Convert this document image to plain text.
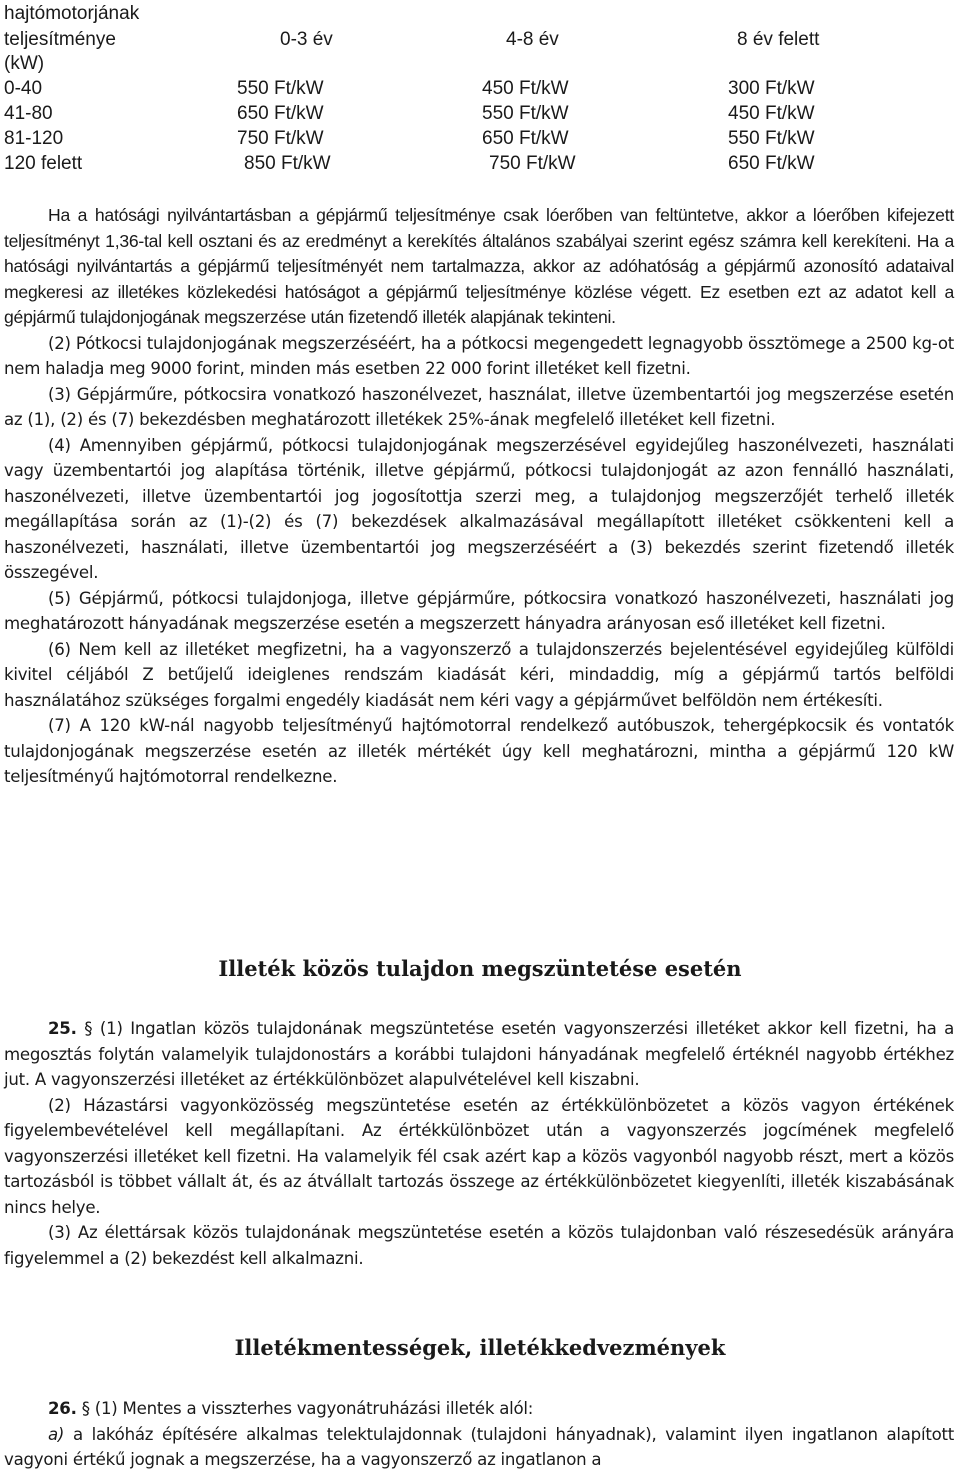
hajtómotorjának
teljesítménye	0-3 év	4-8 év	8 év felett
(kW)
0-40	550 Ft/kW	450 Ft/kW	300 Ft/kW
41-80	650 Ft/kW	550 Ft/kW	450 Ft/kW
81-120	750 Ft/kW	650 Ft/kW	550 Ft/kW
120 felett	850 Ft/kW	750 Ft/kW	650 Ft/kW

Ha a hatósági nyilvántartásban a gépjármű teljesítménye csak lóerőben van feltüntetve, akkor a lóerőben kifejezett teljesítményt 1,36-tal kell osztani és az eredményt a kerekítés általános szabályai szerint egész számra kell kerekíteni. Ha a hatósági nyilvántartás a gépjármű teljesítményét nem tartalmazza, akkor az adóhatóság a gépjármű azonosító adataival megkeresi az illetékes közlekedési hatóságot a gépjármű teljesítménye közlése végett. Ez esetben ezt az adatot kell a gépjármű tulajdonjogának megszerzése után fizetendő illeték alapjának tekinteni.

(2) Pótkocsi tulajdonjogának megszerzéséért, ha a pótkocsi megengedett legnagyobb össztömege a 2500 kg-ot nem haladja meg 9000 forint, minden más esetben 22 000 forint illetéket kell fizetni.

(3) Gépjárműre, pótkocsira vonatkozó haszonélvezet, használat, illetve üzembentartói jog megszerzése esetén az (1), (2) és (7) bekezdésben meghatározott illetékek 25%-ának megfelelő illetéket kell fizetni.

(4) Amennyiben gépjármű, pótkocsi tulajdonjogának megszerzésével egyidejűleg haszonélvezeti, használati vagy üzembentartói jog alapítása történik, illetve gépjármű, pótkocsi tulajdonjogát az azon fennálló használati, haszonélvezeti, illetve üzembentartói jog jogosítottja szerzi meg, a tulajdonjog megszerzőjét terhelő illeték megállapítása során az (1)-(2) és (7) bekezdések alkalmazásával megállapított illetéket csökkenteni kell a haszonélvezeti, használati, illetve üzembentartói jog megszerzéséért a (3) bekezdés szerint fizetendő illeték összegével.

(5) Gépjármű, pótkocsi tulajdonjoga, illetve gépjárműre, pótkocsira vonatkozó haszonélvezeti, használati jog meghatározott hányadának megszerzése esetén a megszerzett hányadra arányosan eső illetéket kell fizetni.

(6) Nem kell az illetéket megfizetni, ha a vagyonszerző a tulajdonszerzés bejelentésével egyidejűleg külföldi kivitel céljából Z betűjelű ideiglenes rendszám kiadását kéri, mindaddig, míg a gépjármű tartós belföldi használatához szükséges forgalmi engedély kiadását nem kéri vagy a gépjárművet belföldön nem értékesíti.

(7) A 120 kW-nál nagyobb teljesítményű hajtómotorral rendelkező autóbuszok, tehergépkocsik és vontatók tulajdonjogának megszerzése esetén az illeték mértékét úgy kell meghatározni, mintha a gépjármű 120 kW teljesítményű hajtómotorral rendelkezne.

Illeték közös tulajdon megszüntetése esetén

25. § (1) Ingatlan közös tulajdonának megszüntetése esetén vagyonszerzési illetéket akkor kell fizetni, ha a megosztás folytán valamelyik tulajdonostárs a korábbi tulajdoni hányadának megfelelő értéknél nagyobb értékhez jut. A vagyonszerzési illetéket az értékkülönbözet alapulvételével kell kiszabni.

(2) Házastársi vagyonközösség megszüntetése esetén az értékkülönbözetet a közös vagyon értékének figyelembevételével kell megállapítani. Az értékkülönbözet után a vagyonszerzés jogcímének megfelelő vagyonszerzési illetéket kell fizetni. Ha valamelyik fél csak azért kap a közös vagyonból nagyobb részt, mert a közös tartozásból is többet vállalt át, és az átvállalt tartozás összege az értékkülönbözetet kiegyenlíti, illeték kiszabásának nincs helye.

(3) Az élettársak közös tulajdonának megszüntetése esetén a közös tulajdonban való részesedésük arányára figyelemmel a (2) bekezdést kell alkalmazni.

Illetékmentességek, illetékkedvezmények

26. § (1) Mentes a visszterhes vagyonátruházási illeték alól:

a) a lakóház építésére alkalmas telektulajdonnak (tulajdoni hányadnak), valamint ilyen ingatlanon alapított vagyoni értékű jognak a megszerzése, ha a vagyonszerző az ingatlanon a
